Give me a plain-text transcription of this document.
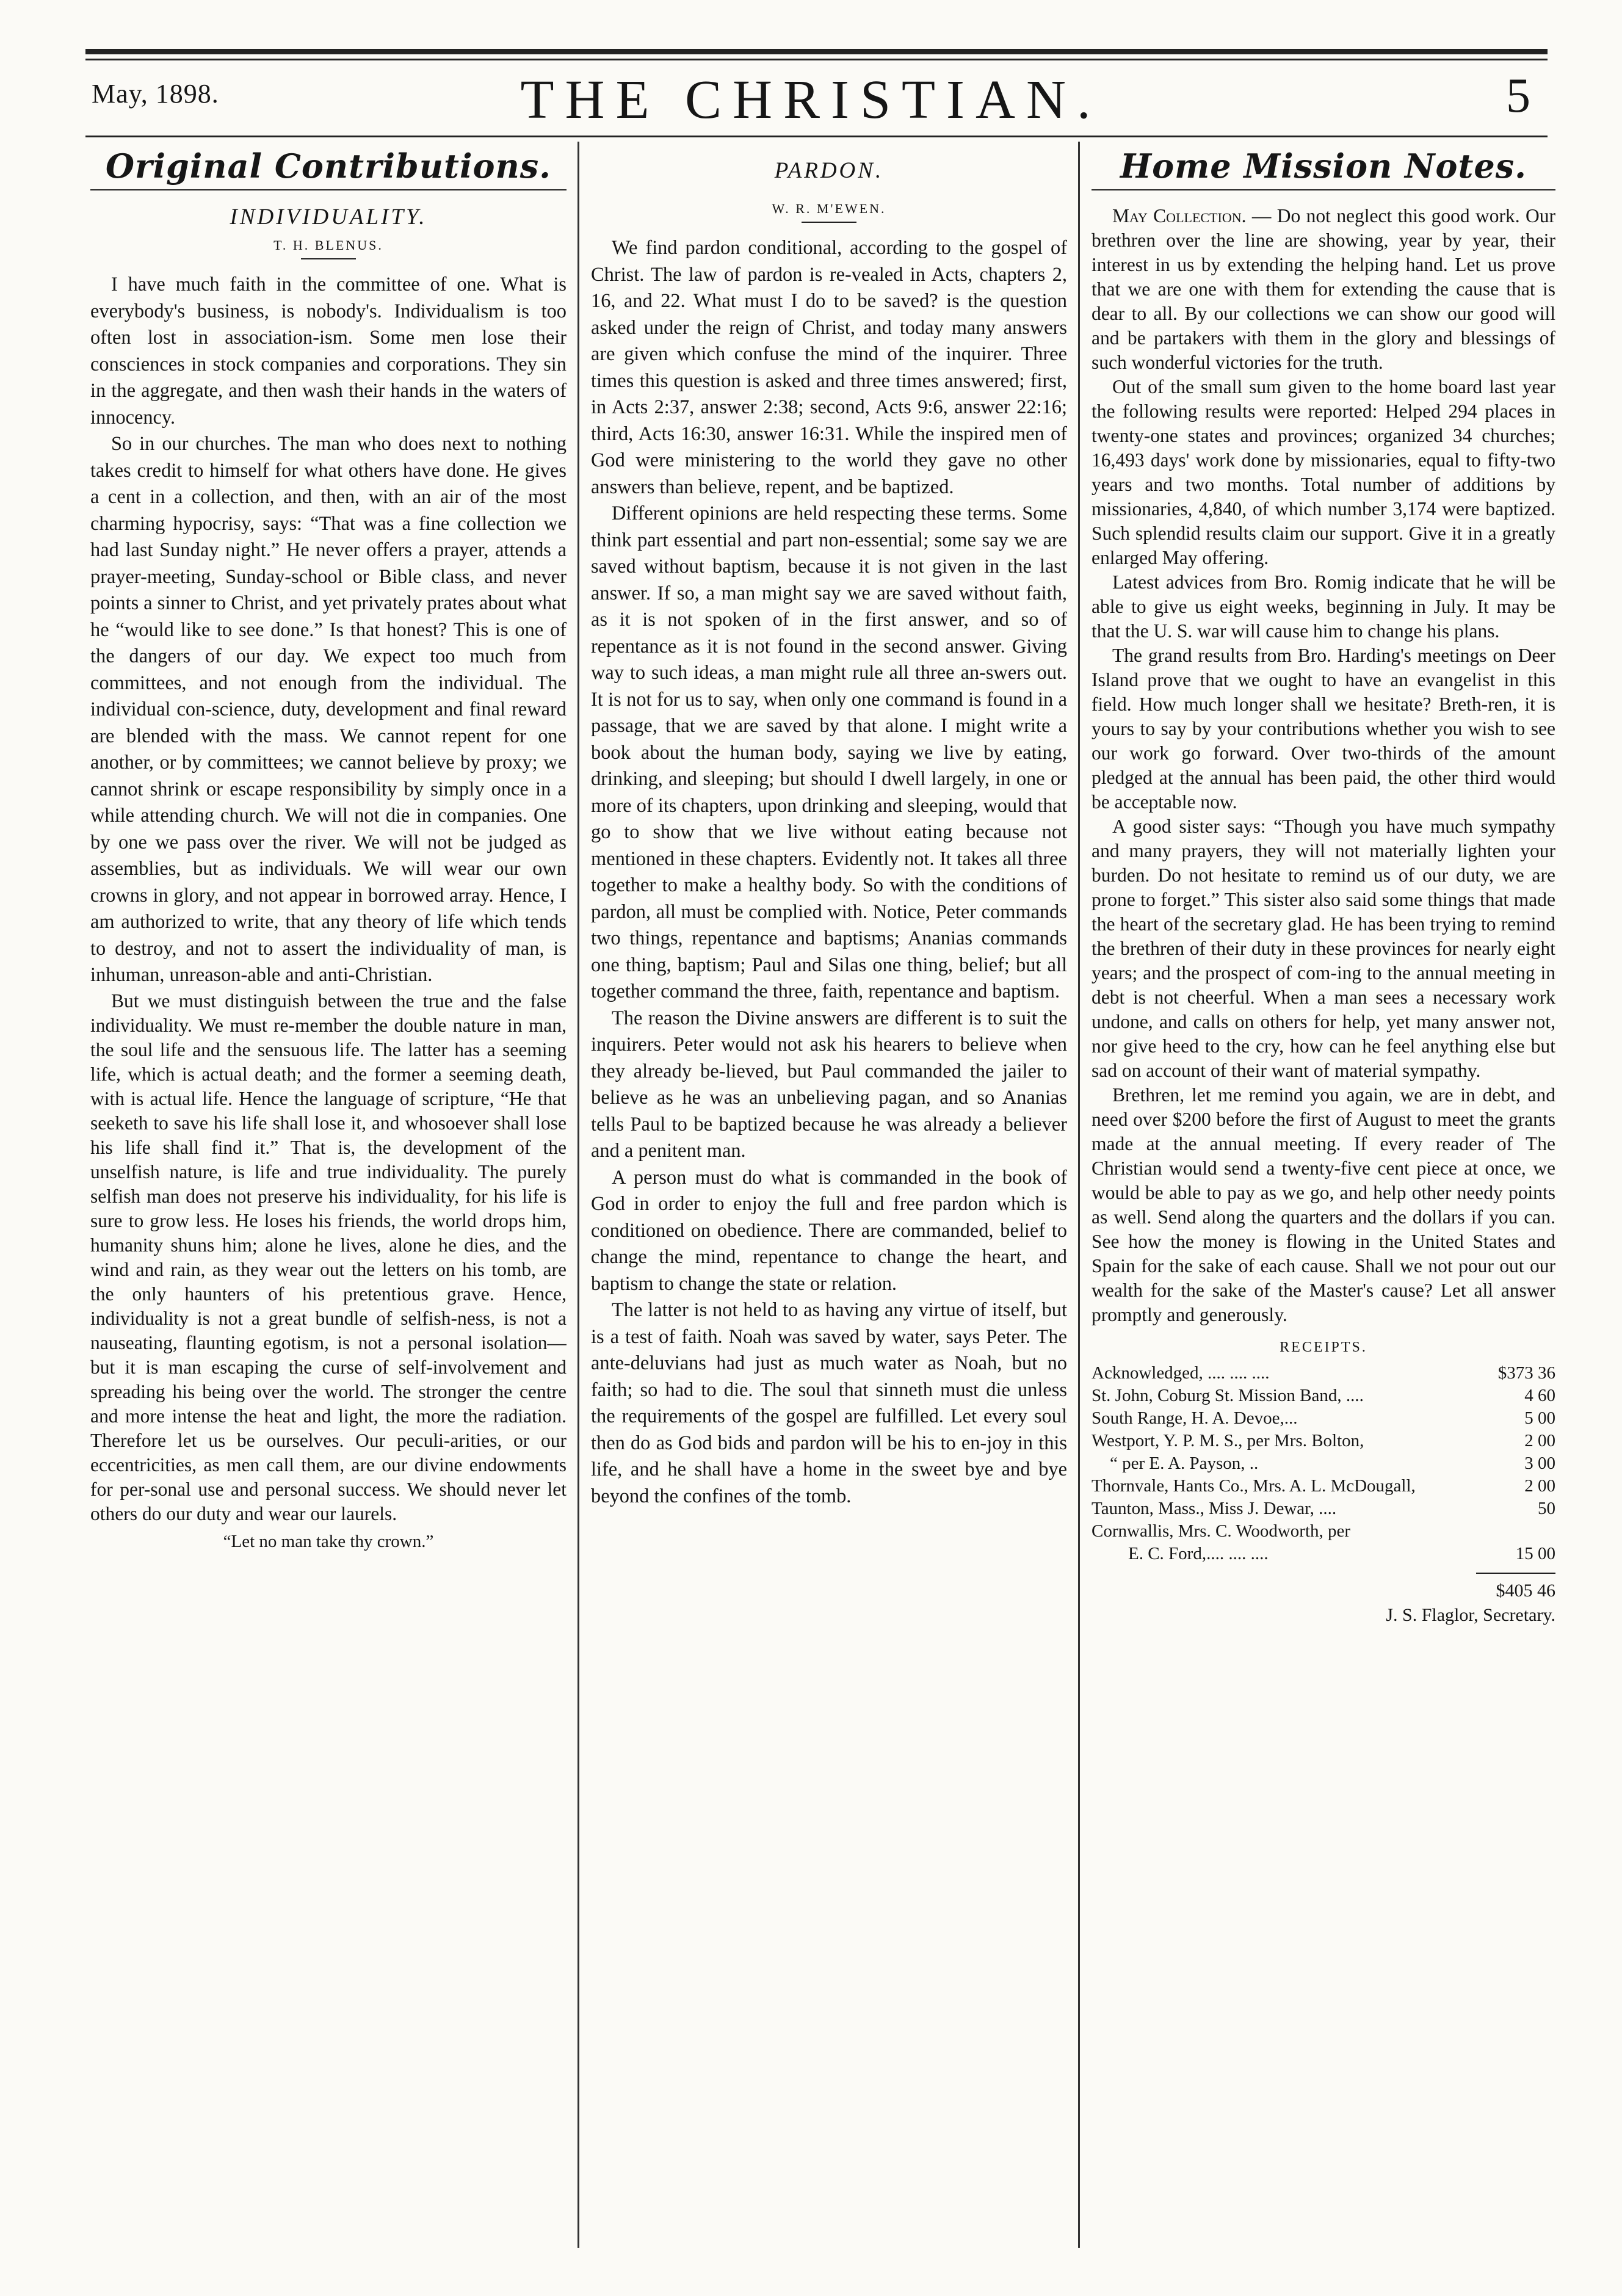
May, 1898.	THE CHRISTIAN.	5
Original Contributions.
INDIVIDUALITY.
T. H. BLENUS.

I have much faith in the committee of one. What is everybody's business, is nobody's. Individualism is too often lost in association-ism. Some men lose their consciences in stock companies and corporations. They sin in the aggregate, and then wash their hands in the waters of innocency.

So in our churches. The man who does next to nothing takes credit to himself for what others have done. He gives a cent in a collection, and then, with an air of the most charming hypocrisy, says: “That was a fine collection we had last Sunday night.” He never offers a prayer, attends a prayer-meeting, Sunday-school or Bible class, and never points a sinner to Christ, and yet privately prates about what he “would like to see done.” Is that honest? This is one of the dangers of our day. We expect too much from committees, and not enough from the individual. The individual con-science, duty, development and final reward are blended with the mass. We cannot repent for one another, or by committees; we cannot believe by proxy; we cannot shrink or escape responsibility by simply once in a while attending church. We will not die in companies. One by one we pass over the river. We will not be judged as assemblies, but as individuals. We will wear our own crowns in glory, and not appear in borrowed array. Hence, I am authorized to write, that any theory of life which tends to destroy, and not to assert the individuality of man, is inhuman, unreason-able and anti-Christian.

But we must distinguish between the true and the false individuality. We must re-member the double nature in man, the soul life and the sensuous life. The latter has a seeming life, which is actual death; and the former a seeming death, with is actual life. Hence the language of scripture, “He that seeketh to save his life shall lose it, and whosoever shall lose his life shall find it.” That is, the development of the unselfish nature, is life and true individuality. The purely selfish man does not preserve his individuality, for his life is sure to grow less. He loses his friends, the world drops him, humanity shuns him; alone he lives, alone he dies, and the wind and rain, as they wear out the letters on his tomb, are the only haunters of his pretentious grave. Hence, individuality is not a great bundle of selfish-ness, is not a nauseating, flaunting egotism, is not a personal isolation—but it is man escaping the curse of self-involvement and spreading his being over the world. The stronger the centre and more intense the heat and light, the more the radiation. Therefore let us be ourselves. Our peculi-arities, or our eccentricities, as men call them, are our divine endowments for per-sonal use and personal success. We should never let others do our duty and wear our laurels.

“Let no man take thy crown.”

PARDON.
W. R. M'EWEN.

We find pardon conditional, according to the gospel of Christ. The law of pardon is re-vealed in Acts, chapters 2, 16, and 22. What must I do to be saved? is the question asked under the reign of Christ, and today many answers are given which confuse the mind of the inquirer. Three times this question is asked and three times answered; first, in Acts 2:37, answer 2:38; second, Acts 9:6, answer 22:16; third, Acts 16:30, answer 16:31. While the inspired men of God were ministering to the world they gave no other answers than believe, repent, and be baptized.

Different opinions are held respecting these terms. Some think part essential and part non-essential; some say we are saved without baptism, because it is not given in the last answer. If so, a man might say we are saved without faith, as it is not spoken of in the first answer, and so of repentance as it is not found in the second answer. Giving way to such ideas, a man might rule all three an-swers out. It is not for us to say, when only one command is found in a passage, that we are saved by that alone. I might write a book about the human body, saying we live by eating, drinking, and sleeping; but should I dwell largely, in one or more of its chapters, upon drinking and sleeping, would that go to show that we live without eating because not mentioned in these chapters. Evidently not. It takes all three together to make a healthy body. So with the conditions of pardon, all must be complied with. Notice, Peter commands two things, repentance and baptisms; Ananias commands one thing, baptism; Paul and Silas one thing, belief; but all together command the three, faith, repentance and baptism.

The reason the Divine answers are different is to suit the inquirers. Peter would not ask his hearers to believe when they already be-lieved, but Paul commanded the jailer to believe as he was an unbelieving pagan, and so Ananias tells Paul to be baptized because he was already a believer and a penitent man.

A person must do what is commanded in the book of God in order to enjoy the full and free pardon which is conditioned on obedience. There are commanded, belief to change the mind, repentance to change the heart, and baptism to change the state or relation.

The latter is not held to as having any virtue of itself, but is a test of faith. Noah was saved by water, says Peter. The ante-deluvians had just as much water as Noah, but no faith; so had to die. The soul that sinneth must die unless the requirements of the gospel are fulfilled. Let every soul then do as God bids and pardon will be his to en-joy in this life, and he shall have a home in the sweet bye and bye beyond the confines of the tomb.

Home Mission Notes.

May Collection. — Do not neglect this good work. Our brethren over the line are showing, year by year, their interest in us by extending the helping hand. Let us prove that we are one with them for extending the cause that is dear to all. By our collections we can show our good will and be partakers with them in the glory and blessings of such wonderful victories for the truth.

Out of the small sum given to the home board last year the following results were reported: Helped 294 places in twenty-one states and provinces; organized 34 churches; 16,493 days' work done by missionaries, equal to fifty-two years and two months. Total number of additions by missionaries, 4,840, of which number 3,174 were baptized. Such splendid results claim our support. Give it in a greatly enlarged May offering.

Latest advices from Bro. Romig indicate that he will be able to give us eight weeks, beginning in July. It may be that the U. S. war will cause him to change his plans.

The grand results from Bro. Harding's meetings on Deer Island prove that we ought to have an evangelist in this field. How much longer shall we hesitate? Breth-ren, it is yours to say by your contributions whether you wish to see our work go forward. Over two-thirds of the amount pledged at the annual has been paid, the other third would be acceptable now.

A good sister says: “Though you have much sympathy and many prayers, they will not materially lighten your burden. Do not hesitate to remind us of our duty, we are prone to forget.” This sister also said some things that made the heart of the secretary glad. He has been trying to remind the brethren of their duty in these provinces for nearly eight years; and the prospect of com-ing to the annual meeting in debt is not cheerful. When a man sees a necessary work undone, and calls on others for help, yet many answer not, nor give heed to the cry, how can he feel anything else but sad on account of their want of material sympathy.

Brethren, let me remind you again, we are in debt, and need over $200 before the first of August to meet the grants made at the annual meeting. If every reader of The Christian would send a twenty-five cent piece at once, we would be able to pay as we go, and help other needy points as well. Send along the quarters and the dollars if you can. See how the money is flowing in the United States and Spain for the sake of each cause. Shall we not pour out our wealth for the sake of the Master's cause? Let all answer promptly and generously.

RECEIPTS.
Acknowledged, .... .... ....	$373 36
St. John, Coburg St. Mission Band, ....	4 60
South Range, H. A. Devoe,...	5 00
Westport, Y. P. M. S., per Mrs. Bolton,	2 00
“ per E. A. Payson, ..	3 00
Thornvale, Hants Co., Mrs. A. L. McDougall,	2 00
Taunton, Mass., Miss J. Dewar, ....	50
Cornwallis, Mrs. C. Woodworth, per
E. C. Ford,.... .... ....	15 00
$405 46
J. S. Flaglor, Secretary.
